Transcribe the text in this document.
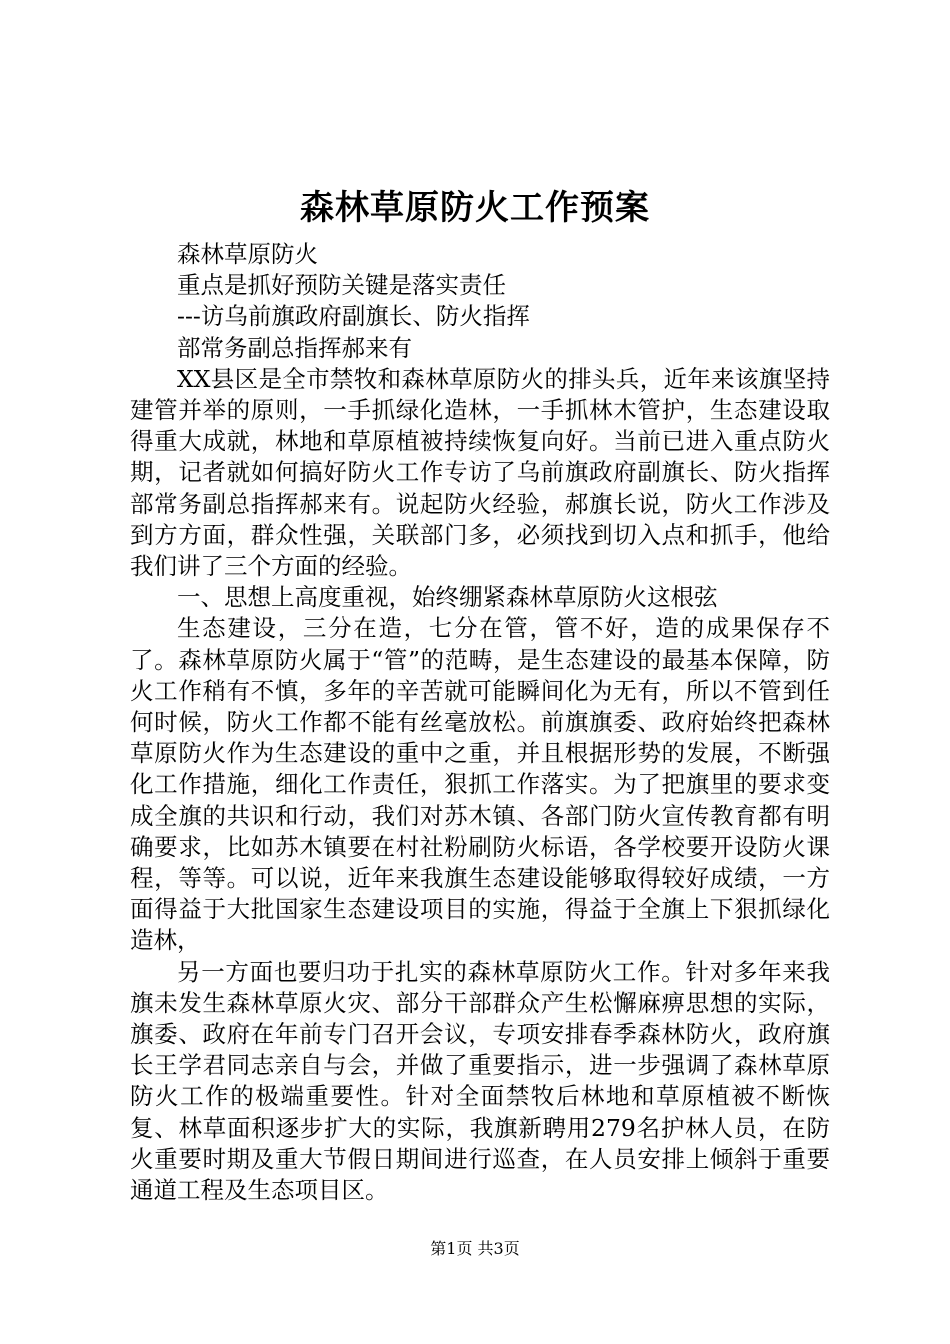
森林草原防火工作预案

森林草原防火

重点是抓好预防关键是落实责任

---访乌前旗政府副旗长、防火指挥

部常务副总指挥郝来有

XX县区是全市禁牧和森林草原防火的排头兵，近年来该旗坚持建管并举的原则，一手抓绿化造林，一手抓林木管护，生态建设取得重大成就，林地和草原植被持续恢复向好。当前已进入重点防火期，记者就如何搞好防火工作专访了乌前旗政府副旗长、防火指挥部常务副总指挥郝来有。说起防火经验，郝旗长说，防火工作涉及到方方面，群众性强，关联部门多，必须找到切入点和抓手，他给我们讲了三个方面的经验。

一、思想上高度重视，始终绷紧森林草原防火这根弦

生态建设，三分在造，七分在管，管不好，造的成果保存不了。森林草原防火属于“管”的范畴，是生态建设的最基本保障，防火工作稍有不慎，多年的辛苦就可能瞬间化为无有，所以不管到任何时候，防火工作都不能有丝毫放松。前旗旗委、政府始终把森林草原防火作为生态建设的重中之重，并且根据形势的发展，不断强化工作措施，细化工作责任，狠抓工作落实。为了把旗里的要求变成全旗的共识和行动，我们对苏木镇、各部门防火宣传教育都有明确要求，比如苏木镇要在村社粉刷防火标语，各学校要开设防火课程，等等。可以说，近年来我旗生态建设能够取得较好成绩，一方面得益于大批国家生态建设项目的实施，得益于全旗上下狠抓绿化造林，

另一方面也要归功于扎实的森林草原防火工作。针对多年来我旗未发生森林草原火灾、部分干部群众产生松懈麻痹思想的实际，旗委、政府在年前专门召开会议，专项安排春季森林防火，政府旗长王学君同志亲自与会，并做了重要指示，进一步强调了森林草原防火工作的极端重要性。针对全面禁牧后林地和草原植被不断恢复、林草面积逐步扩大的实际，我旗新聘用279名护林人员，在防火重要时期及重大节假日期间进行巡查，在人员安排上倾斜于重要通道工程及生态项目区。

第1页 共3页
